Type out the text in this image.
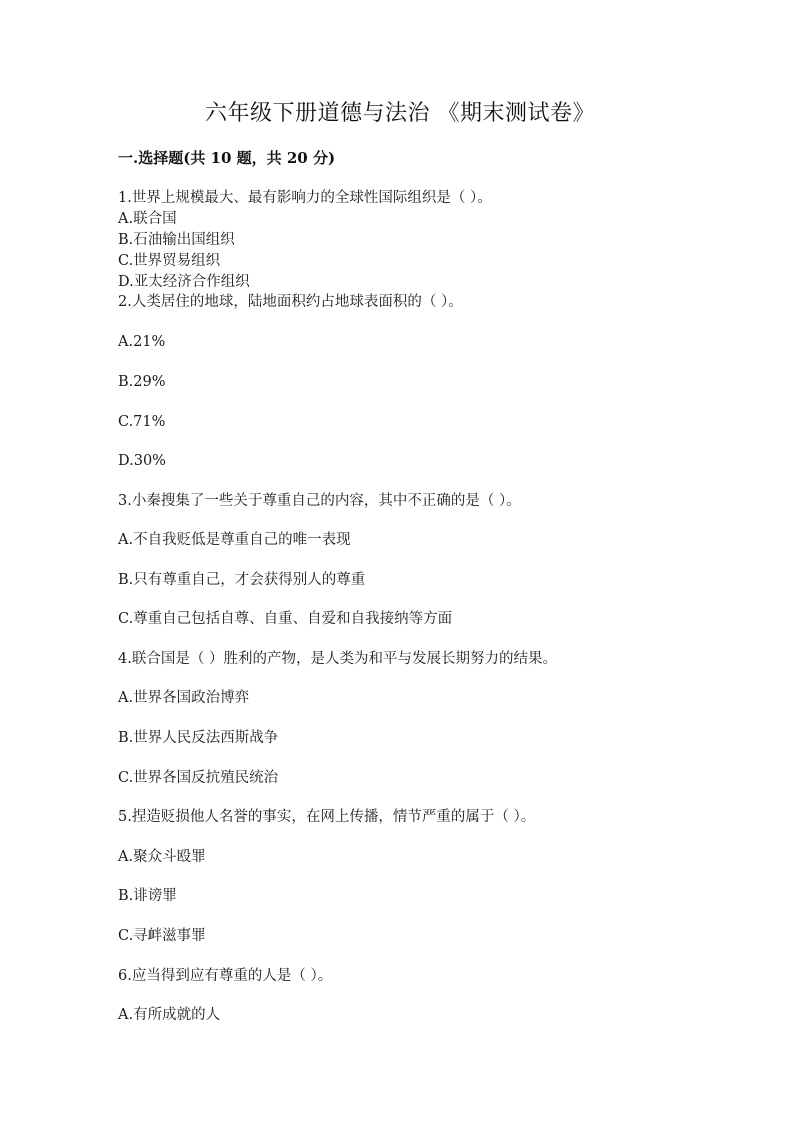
六年级下册道德与法治 《期末测试卷》
一.选择题(共 10 题，共 20 分)
1.世界上规模最大、最有影响力的全球性国际组织是（ ）。
A.联合国
B.石油输出国组织
C.世界贸易组织
D.亚太经济合作组织
2.人类居住的地球，陆地面积约占地球表面积的（ ）。
A.21%
B.29%
C.71%
D.30%
3.小秦搜集了一些关于尊重自己的内容，其中不正确的是（ ）。
A.不自我贬低是尊重自己的唯一表现
B.只有尊重自己，才会获得别人的尊重
C.尊重自己包括自尊、自重、自爱和自我接纳等方面
4.联合国是（ ）胜利的产物，是人类为和平与发展长期努力的结果。
A.世界各国政治博弈
B.世界人民反法西斯战争
C.世界各国反抗殖民统治
5.捏造贬损他人名誉的事实，在网上传播，情节严重的属于（ ）。
A.聚众斗殴罪
B.诽谤罪
C.寻衅滋事罪
6.应当得到应有尊重的人是（ ）。
A.有所成就的人
